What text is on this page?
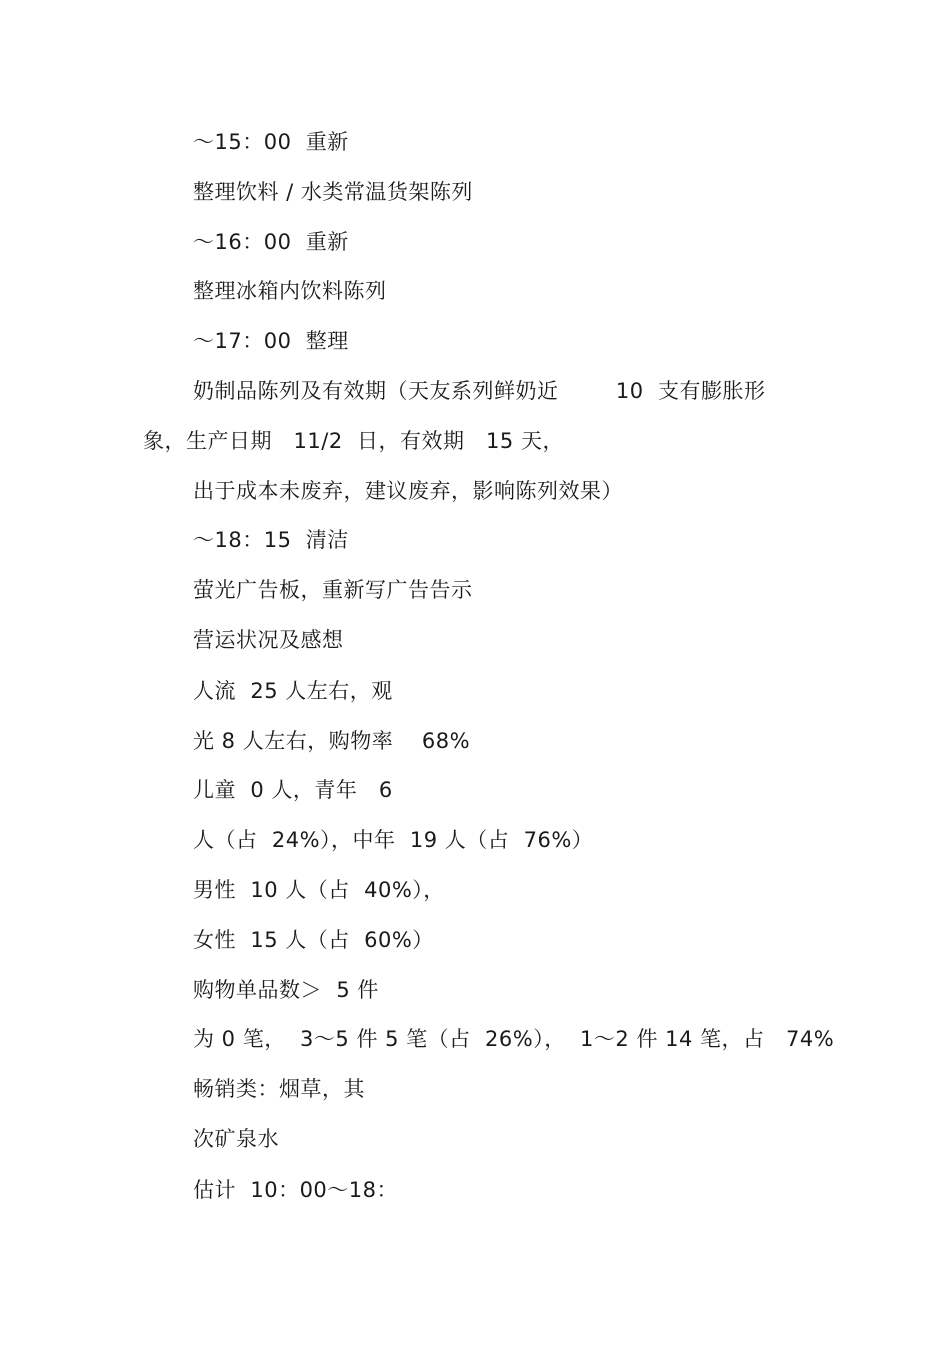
～15：00  重新
整理饮料 / 水类常温货架陈列
～16：00  重新
整理冰箱内饮料陈列
～17：00  整理
奶制品陈列及有效期（天友系列鲜奶近        10  支有膨胀形
象，生产日期   11/2  日，有效期   15 天，
出于成本未废弃，建议废弃，影响陈列效果）
～18：15  清洁
萤光广告板，重新写广告告示
营运状况及感想
人流  25 人左右，观
光 8 人左右，购物率    68%
儿童  0 人，青年   6
人（占  24%），中年  19 人（占  76%）
男性  10 人（占  40%），
女性  15 人（占  60%）
购物单品数＞  5 件
为 0 笔，  3～5 件 5 笔（占  26%），  1～2 件 14 笔，占   74%
畅销类：烟草，其
次矿泉水
估计  10：00～18：
